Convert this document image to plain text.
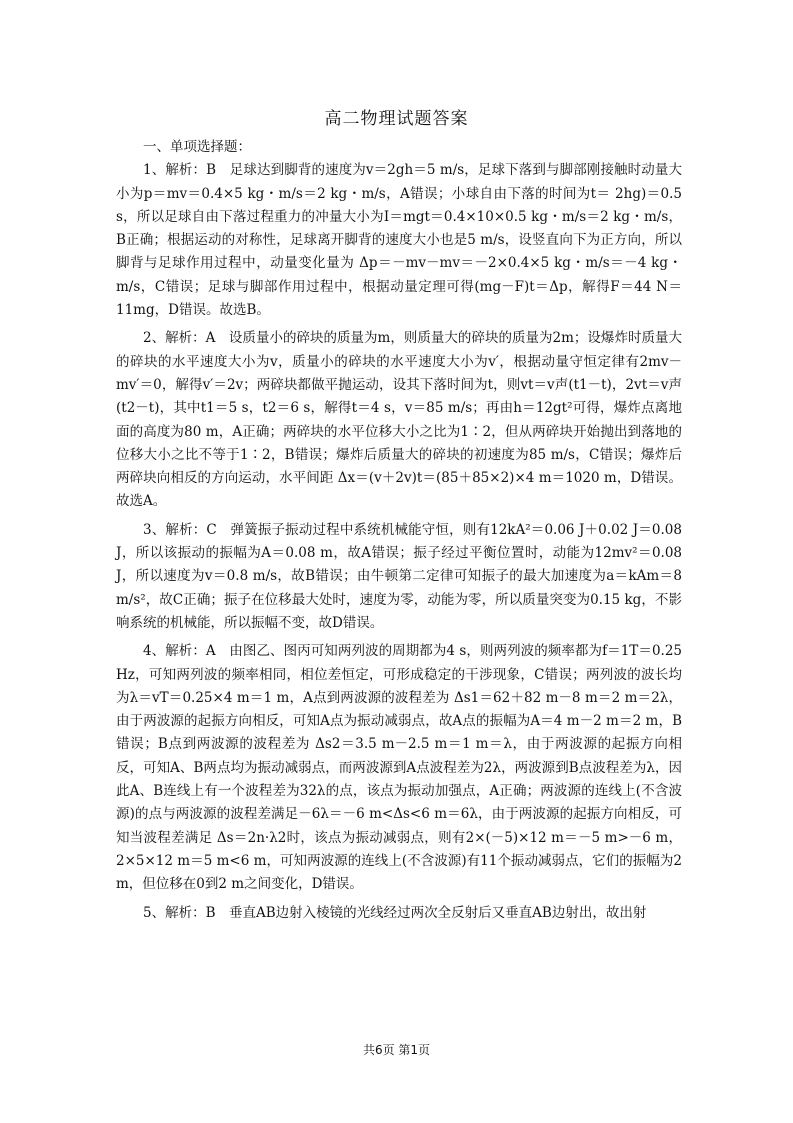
高二物理试题答案

一、单项选择题：

1、解析：B　足球达到脚背的速度为v＝2gh＝5 m/s，足球下落到与脚部刚接触时动量大小为p＝mv＝0.4×5 kg・m/s＝2 kg・m/s，A错误；小球自由下落的时间为t＝ 2hg)＝0.5 s，所以足球自由下落过程重力的冲量大小为I＝mgt＝0.4×10×0.5 kg・m/s＝2 kg・m/s，B正确；根据运动的对称性，足球离开脚背的速度大小也是5 m/s，设竖直向下为正方向，所以脚背与足球作用过程中，动量变化量为 Δp＝－mv－mv＝－2×0.4×5 kg・m/s＝－4 kg・m/s，C错误；足球与脚部作用过程中，根据动量定理可得(mg－F)t＝Δp，解得F＝44 N＝11mg，D错误。故选B。

2、解析：A　设质量小的碎块的质量为m，则质量大的碎块的质量为2m；设爆炸时质量大的碎块的水平速度大小为v，质量小的碎块的水平速度大小为v′，根据动量守恒定律有2mv－mv′＝0，解得v′＝2v；两碎块都做平抛运动，设其下落时间为t，则vt＝v声(t1－t)，2vt＝v声(t2－t)，其中t1＝5 s，t2＝6 s，解得t＝4 s，v＝85 m/s；再由h＝12gt²可得，爆炸点离地面的高度为80 m，A正确；两碎块的水平位移大小之比为1∶2，但从两碎块开始抛出到落地的位移大小之比不等于1∶2，B错误；爆炸后质量大的碎块的初速度为85 m/s，C错误；爆炸后两碎块向相反的方向运动，水平间距 Δx＝(v＋2v)t＝(85＋85×2)×4 m＝1020 m，D错误。故选A。

3、解析：C　弹簧振子振动过程中系统机械能守恒，则有12kA²＝0.06 J＋0.02 J＝0.08 J，所以该振动的振幅为A＝0.08 m，故A错误；振子经过平衡位置时，动能为12mv²＝0.08 J，所以速度为v＝0.8 m/s，故B错误；由牛顿第二定律可知振子的最大加速度为a＝kAm＝8 m/s²，故C正确；振子在位移最大处时，速度为零，动能为零，所以质量突变为0.15 kg，不影响系统的机械能，所以振幅不变，故D错误。

4、解析：A　由图乙、图丙可知两列波的周期都为4 s，则两列波的频率都为f＝1T＝0.25 Hz，可知两列波的频率相同，相位差恒定，可形成稳定的干涉现象，C错误；两列波的波长均为λ＝vT＝0.25×4 m＝1 m，A点到两波源的波程差为 Δs1＝62＋82 m－8 m＝2 m＝2λ，由于两波源的起振方向相反，可知A点为振动减弱点，故A点的振幅为A＝4 m－2 m＝2 m，B错误；B点到两波源的波程差为 Δs2＝3.5 m－2.5 m＝1 m＝λ，由于两波源的起振方向相反，可知A、B两点均为振动减弱点，而两波源到A点波程差为2λ，两波源到B点波程差为λ，因此A、B连线上有一个波程差为32λ的点，该点为振动加强点，A正确；两波源的连线上(不含波源)的点与两波源的波程差满足－6λ＝－6 m<Δs<6 m＝6λ，由于两波源的起振方向相反，可知当波程差满足 Δs＝2n·λ2时，该点为振动减弱点，则有2×(－5)×12 m＝－5 m>－6 m，2×5×12 m＝5 m<6 m，可知两波源的连线上(不含波源)有11个振动减弱点，它们的振幅为2 m，但位移在0到2 m之间变化，D错误。

5、解析：B　垂直AB边射入棱镜的光线经过两次全反射后又垂直AB边射出，故出射

共6页 第1页
